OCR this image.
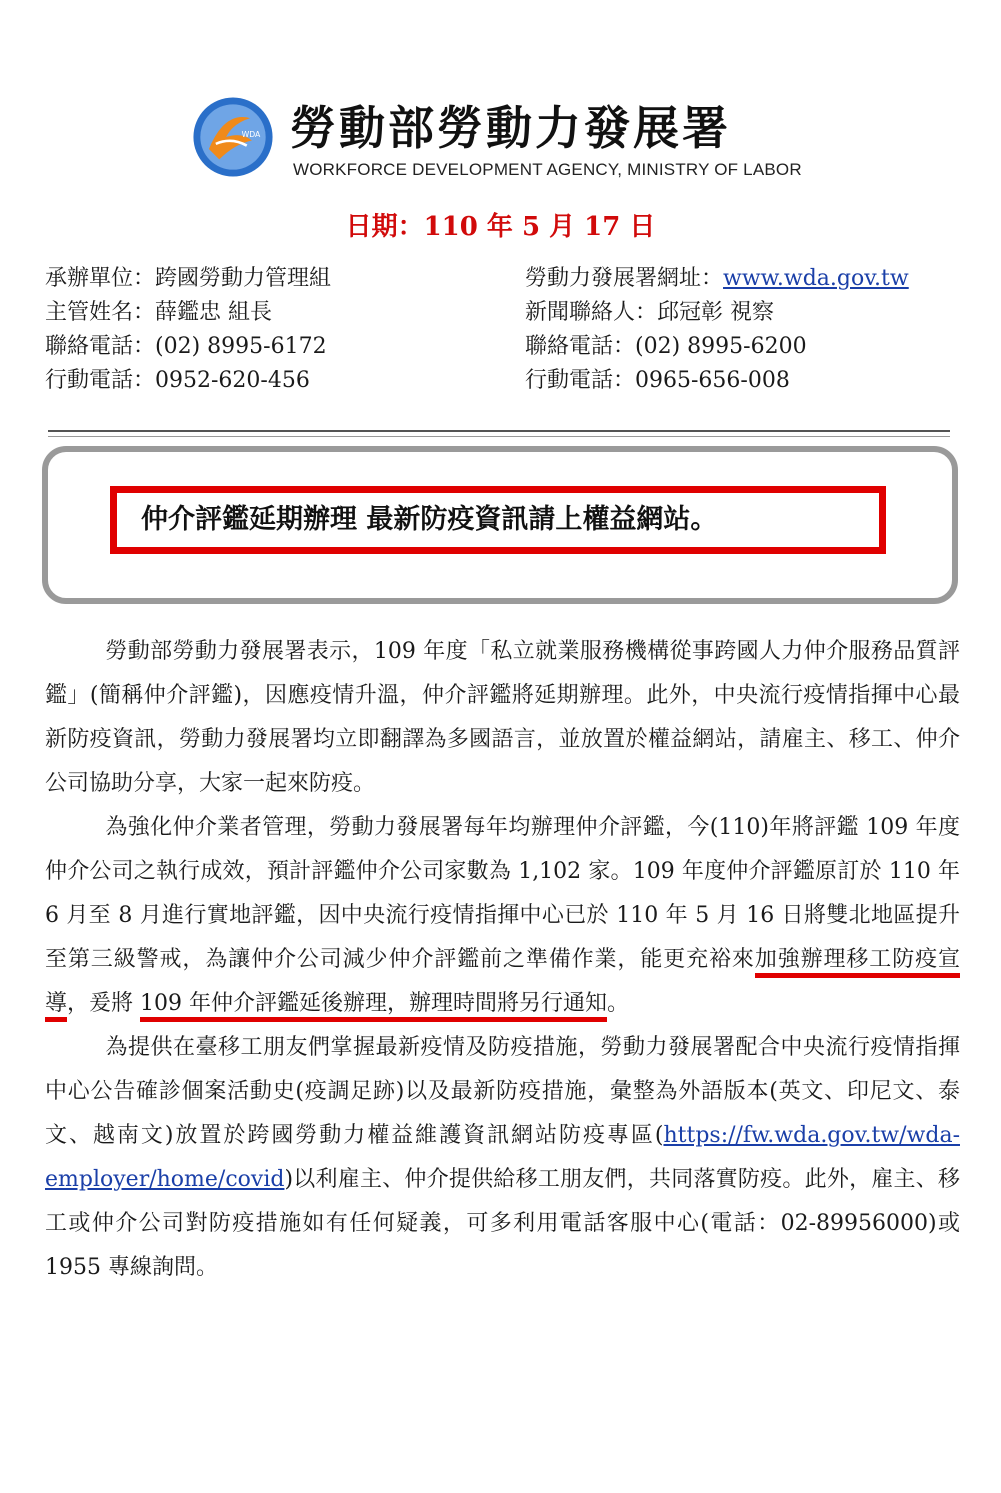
WDA 勞動部勞動力發展署
WORKFORCE DEVELOPMENT AGENCY, MINISTRY OF LABOR
日期：110 年 5 月 17 日
承辦單位：跨國勞動力管理組
主管姓名：薛鑑忠 組長
聯絡電話：(02) 8995-6172
行動電話：0952-620-456
勞動力發展署網址：www.wda.gov.tw
新聞聯絡人：邱冠彰 視察
聯絡電話：(02) 8995-6200
行動電話：0965-656-008
仲介評鑑延期辦理 最新防疫資訊請上權益網站。

勞動部勞動力發展署表示，109 年度「私立就業服務機構從事跨國人力仲介服務品質評鑑」(簡稱仲介評鑑)，因應疫情升溫，仲介評鑑將延期辦理。此外，中央流行疫情指揮中心最新防疫資訊，勞動力發展署均立即翻譯為多國語言，並放置於權益網站，請雇主、移工、仲介公司協助分享，大家一起來防疫。

為強化仲介業者管理，勞動力發展署每年均辦理仲介評鑑，今(110)年將評鑑 109 年度仲介公司之執行成效，預計評鑑仲介公司家數為 1,102 家。109 年度仲介評鑑原訂於 110 年 6 月至 8 月進行實地評鑑，因中央流行疫情指揮中心已於 110 年 5 月 16 日將雙北地區提升至第三級警戒，為讓仲介公司減少仲介評鑑前之準備作業，能更充裕來加強辦理移工防疫宣導，爰將 109 年仲介評鑑延後辦理，辦理時間將另行通知。

為提供在臺移工朋友們掌握最新疫情及防疫措施，勞動力發展署配合中央流行疫情指揮中心公告確診個案活動史(疫調足跡)以及最新防疫措施，彙整為外語版本(英文、印尼文、泰文、越南文)放置於跨國勞動力權益維護資訊網站防疫專區(https://fw.wda.gov.tw/wda-employer/home/covid)以利雇主、仲介提供給移工朋友們，共同落實防疫。此外，雇主、移工或仲介公司對防疫措施如有任何疑義，可多利用電話客服中心(電話：02-89956000)或 1955 專線詢問。
